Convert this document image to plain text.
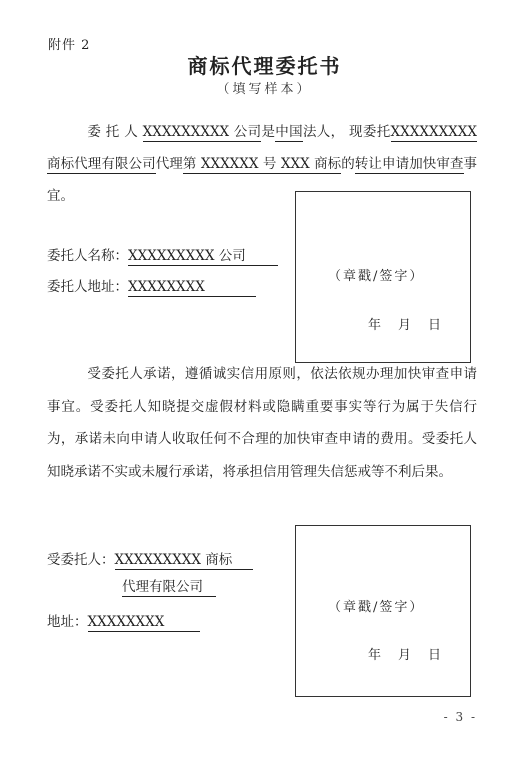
附件 2
商标代理委托书
（填写样本）
委 托 人 XXXXXXXXX 公司是中国法人， 现委托XXXXXXXXX 商标代理有限公司代理第 XXXXXX 号 XXX 商标的转让申请加快审查事宜。
委托人名称：XXXXXXXXX 公司
委托人地址：XXXXXXXX
（章戳/签字）
年　月　日
受委托人承诺，遵循诚实信用原则，依法依规办理加快审查申请事宜。受委托人知晓提交虚假材料或隐瞒重要事实等行为属于失信行为，承诺未向申请人收取任何不合理的加快审查申请的费用。受委托人知晓承诺不实或未履行承诺，将承担信用管理失信惩戒等不利后果。
受委托人：XXXXXXXXX 商标
代理有限公司
地址：XXXXXXXX
（章戳/签字）
年　月　日
- 3 -
